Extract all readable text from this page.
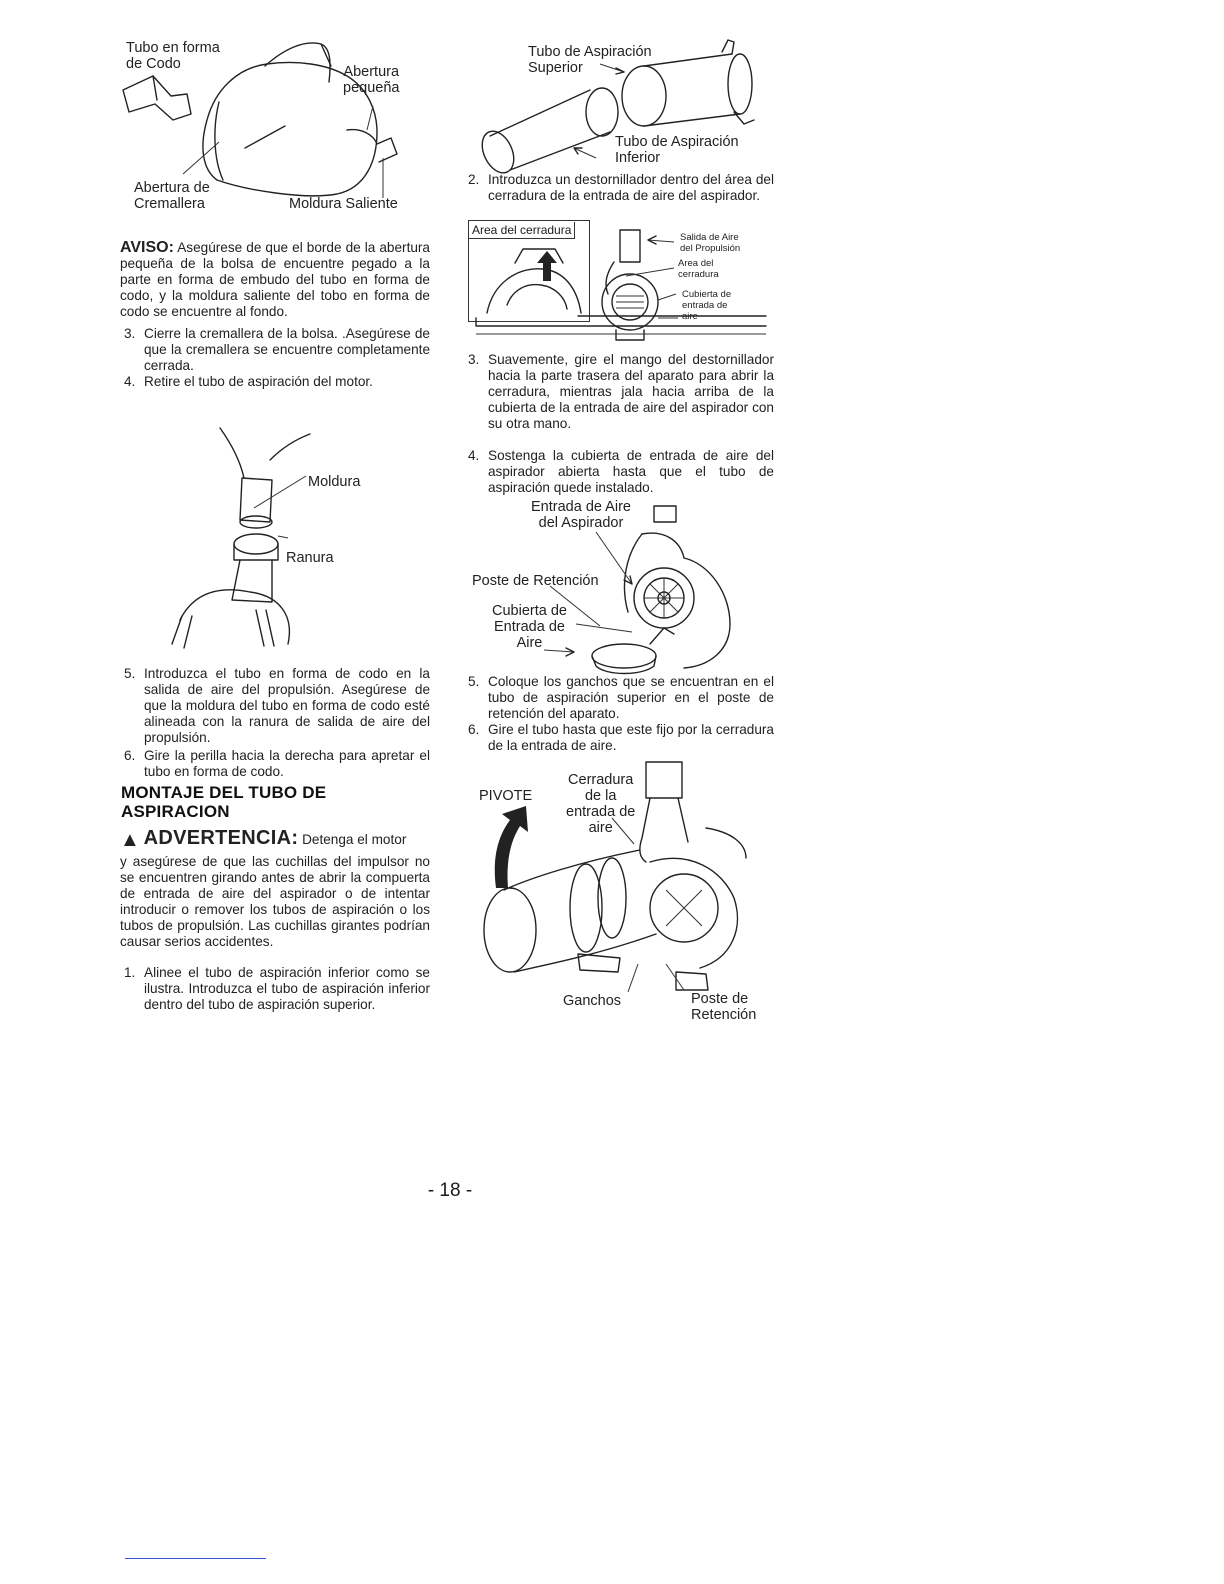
Tubo en forma
de Codo	Abertura
pequeña
Abertura de
Cremallera	Moldura Saliente
AVISO: Asegúrese de que el borde de la abertura pequeña de la bolsa de encuentre pegado a la parte en forma de embudo del tubo en forma de codo, y la moldura saliente del tobo en forma de codo se encuentre al fondo.
3. Cierre la cremallera de la bolsa. .Asegúrese de que la cremallera se encuentre completamente cerrada.
4. Retire el tubo de aspiración del motor.
Moldura
Ranura
5. Introduzca el tubo en forma de codo en la salida de aire del propulsión. Asegúrese de que la moldura del tubo en forma de codo esté alineada con la ranura de salida de aire del propulsión.
6. Gire la perilla hacia la derecha para apretar el tubo en forma de codo.
MONTAJE DEL TUBO DE
ASPIRACION
▲ ADVERTENCIA: Detenga el motor
y asegúrese de que las cuchillas del impulsor no se encuentren girando antes de abrir la compuerta de entrada de aire del aspirador o de intentar introducir o remover los tubos de aspiración o los tubos de propulsión. Las cuchillas girantes podrían causar serios accidentes.
1. Alinee el tubo de aspiración inferior como se ilustra. Introduzca el tubo de aspiración inferior dentro del tubo de aspiración superior.
Tubo de Aspiración
Superior
Tubo de Aspiración
Inferior
2. Introduzca un destornillador dentro del área del cerradura de la entrada de aire del aspirador.
Area del cerradura
Salida de Aire
del Propulsión
Area del
cerradura
Cubierta de
entrada de
aire
3. Suavemente, gire el mango del destornillador hacia la parte trasera del aparato para abrir la cerradura, mientras jala hacia arriba de la cubierta de la entrada de aire del aspirador con su otra mano.
4. Sostenga la cubierta de entrada de aire del aspirador abierta hasta que el tubo de aspiración quede instalado.
Entrada de Aire
del Aspirador
Poste de Retención
Cubierta de
Entrada de
Aire
5. Coloque los ganchos que se encuentran en el tubo de aspiración superior en el poste de retención del aparato.
6. Gire el tubo hasta que este fijo por la cerradura de la entrada de aire.
PIVOTE
Cerradura
de la
entrada de
aire
Ganchos	Poste de
Retención
- 18 -
